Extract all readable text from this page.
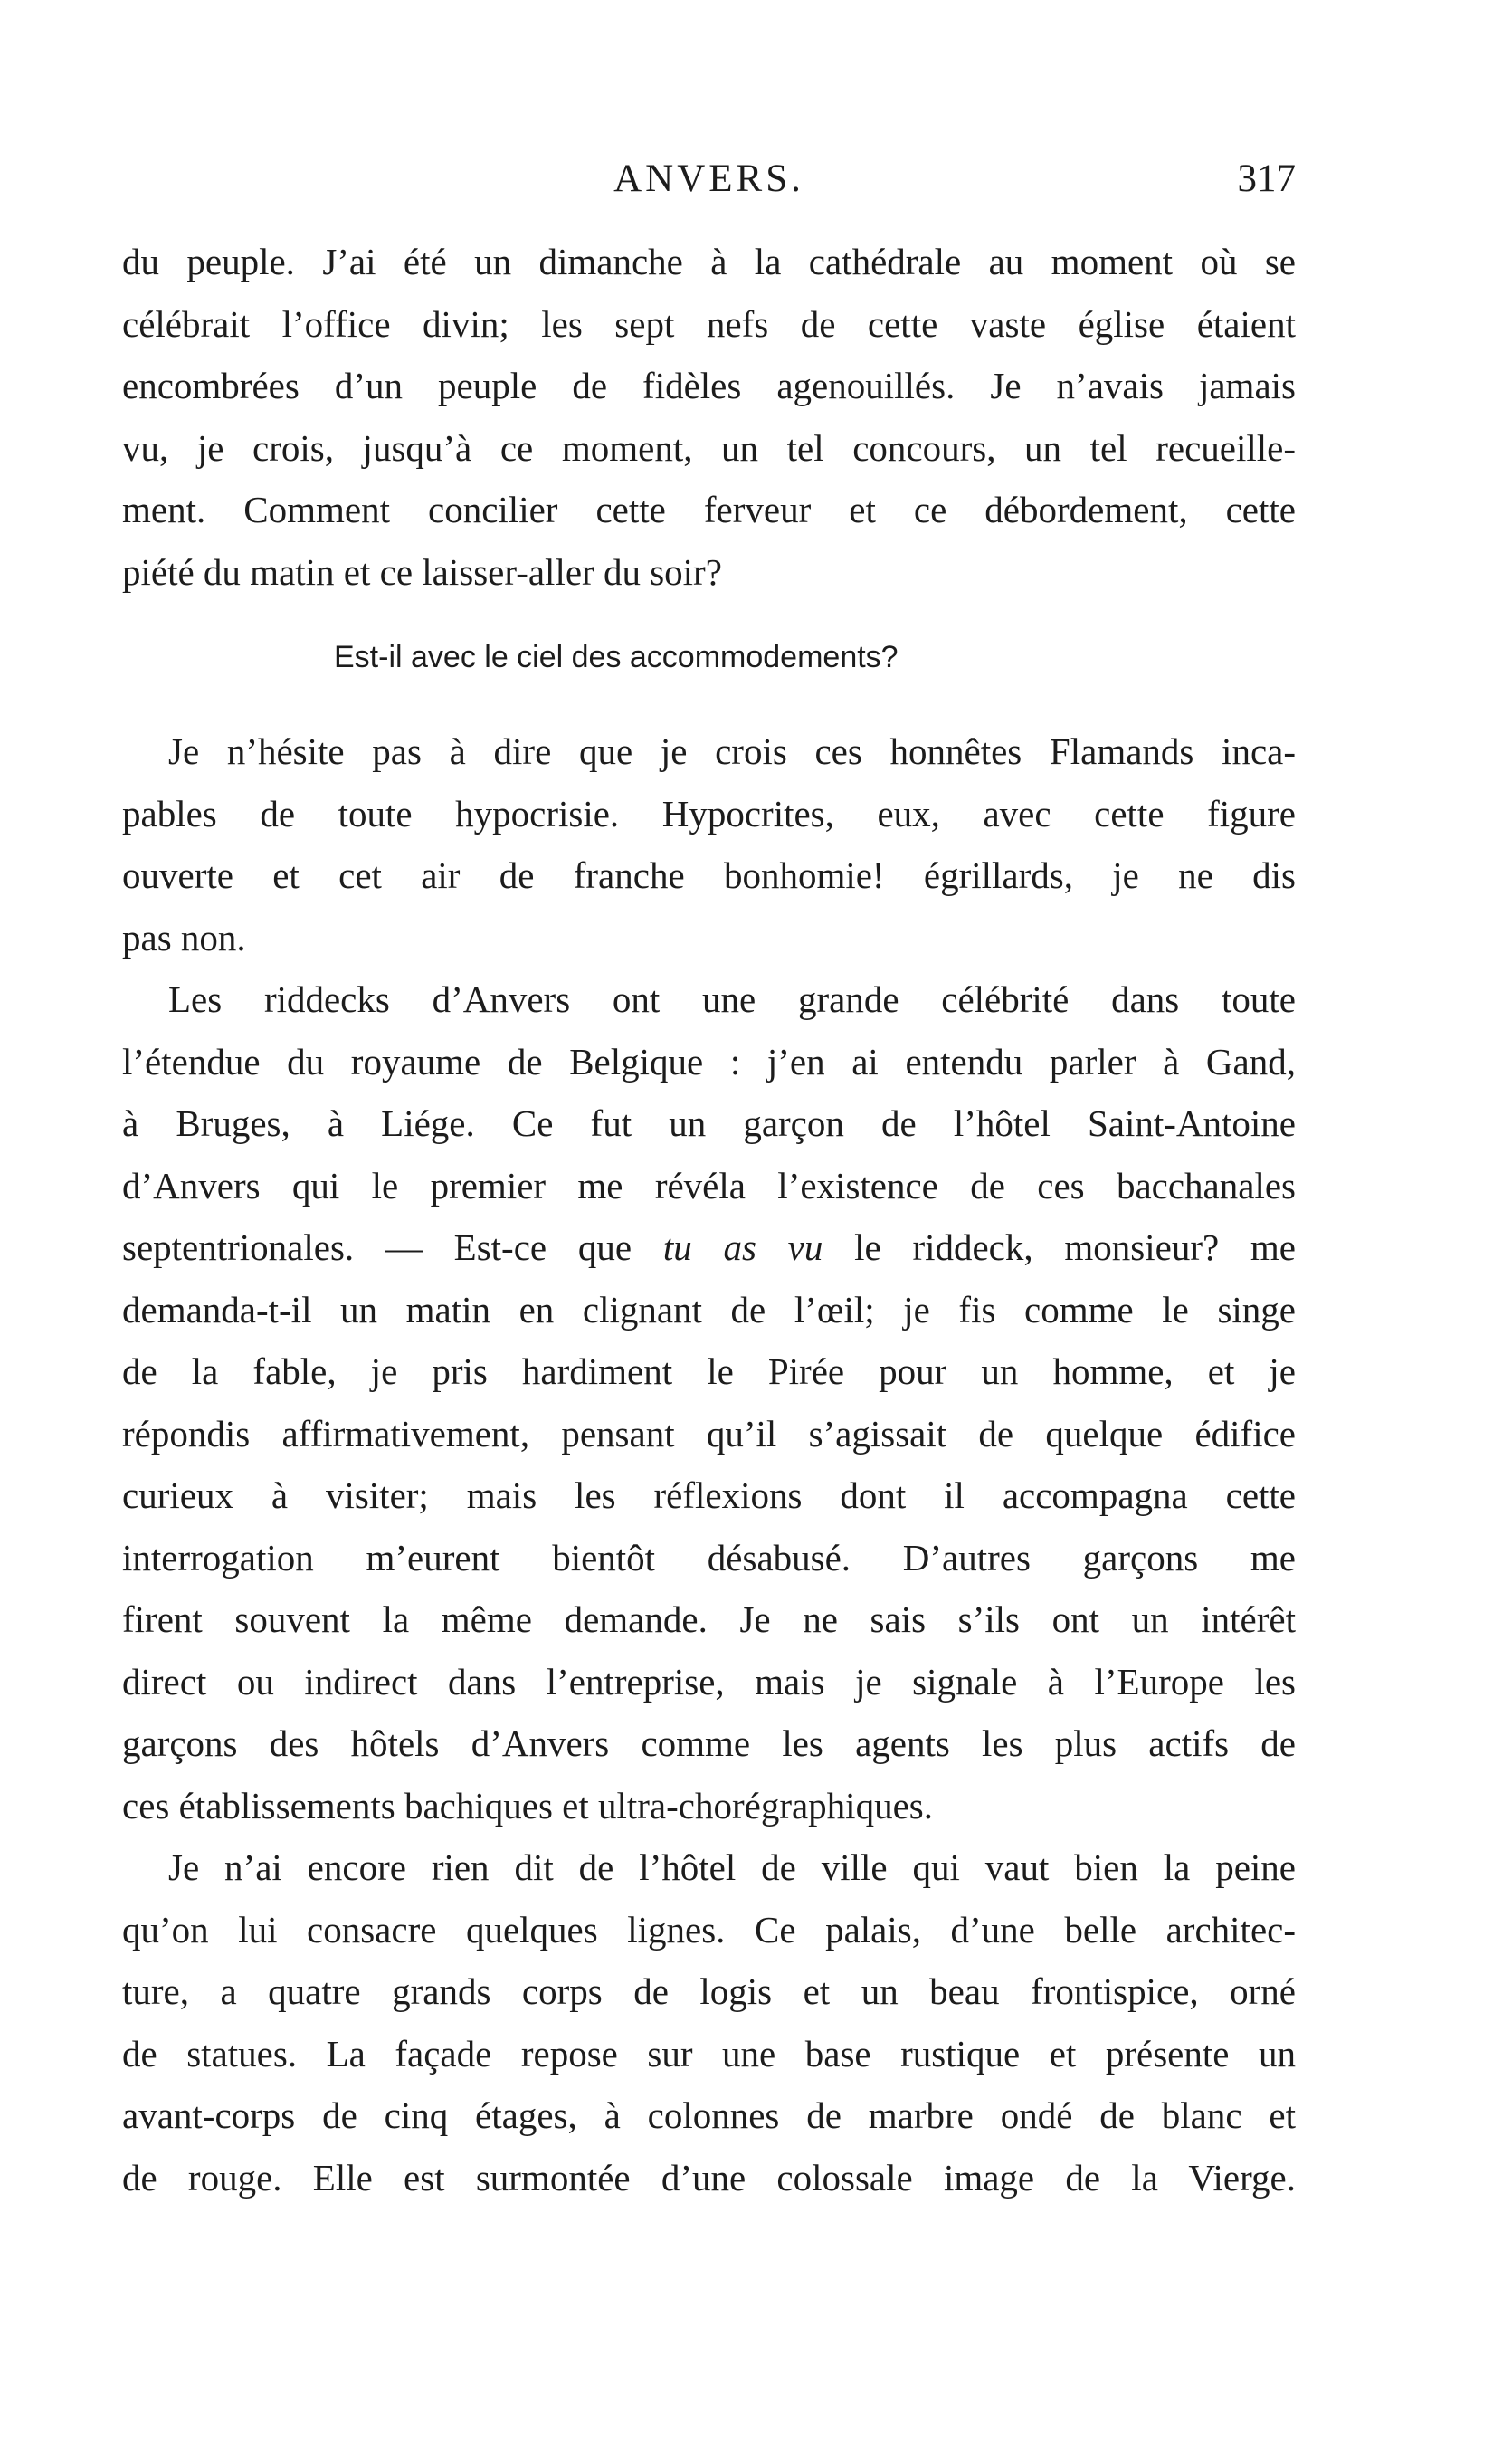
ANVERS.	317
du peuple. J’ai été un dimanche à la cathédrale au moment où se
célébrait l’office divin; les sept nefs de cette vaste église étaient
encombrées d’un peuple de fidèles agenouillés. Je n’avais jamais
vu, je crois, jusqu’à ce moment, un tel concours, un tel recueille-
ment. Comment concilier cette ferveur et ce débordement, cette
piété du matin et ce laisser-aller du soir?
Est-il avec le ciel des accommodements?
Je n’hésite pas à dire que je crois ces honnêtes Flamands inca-
pables de toute hypocrisie. Hypocrites, eux, avec cette figure
ouverte et cet air de franche bonhomie! égrillards, je ne dis
pas non.
Les riddecks d’Anvers ont une grande célébrité dans toute
l’étendue du royaume de Belgique : j’en ai entendu parler à Gand,
à Bruges, à Liége. Ce fut un garçon de l’hôtel Saint-Antoine
d’Anvers qui le premier me révéla l’existence de ces bacchanales
septentrionales. — Est-ce que tu as vu le riddeck, monsieur? me
demanda-t-il un matin en clignant de l’œil; je fis comme le singe
de la fable, je pris hardiment le Pirée pour un homme, et je
répondis affirmativement, pensant qu’il s’agissait de quelque édifice
curieux à visiter; mais les réflexions dont il accompagna cette
interrogation m’eurent bientôt désabusé. D’autres garçons me
firent souvent la même demande. Je ne sais s’ils ont un intérêt
direct ou indirect dans l’entreprise, mais je signale à l’Europe les
garçons des hôtels d’Anvers comme les agents les plus actifs de
ces établissements bachiques et ultra-chorégraphiques.
Je n’ai encore rien dit de l’hôtel de ville qui vaut bien la peine
qu’on lui consacre quelques lignes. Ce palais, d’une belle architec-
ture, a quatre grands corps de logis et un beau frontispice, orné
de statues. La façade repose sur une base rustique et présente un
avant-corps de cinq étages, à colonnes de marbre ondé de blanc et
de rouge. Elle est surmontée d’une colossale image de la Vierge.
